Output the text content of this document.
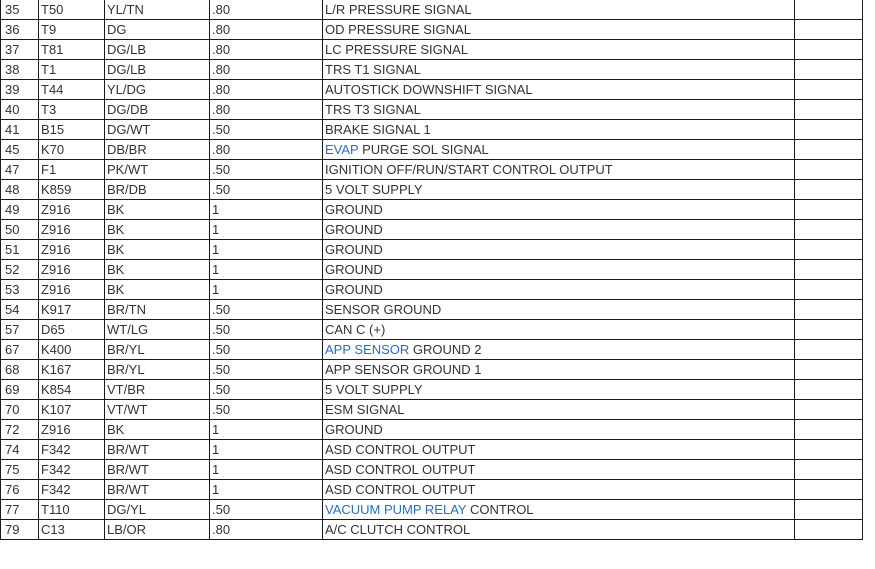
35	T50	YL/TN	.80	L/R PRESSURE SIGNAL	
36	T9	DG	.80	OD PRESSURE SIGNAL	
37	T81	DG/LB	.80	LC PRESSURE SIGNAL	
38	T1	DG/LB	.80	TRS T1 SIGNAL	
39	T44	YL/DG	.80	AUTOSTICK DOWNSHIFT SIGNAL	
40	T3	DG/DB	.80	TRS T3 SIGNAL	
41	B15	DG/WT	.50	BRAKE SIGNAL 1	
45	K70	DB/BR	.80	EVAP PURGE SOL SIGNAL	
47	F1	PK/WT	.50	IGNITION OFF/RUN/START CONTROL OUTPUT	
48	K859	BR/DB	.50	5 VOLT SUPPLY	
49	Z916	BK	1	GROUND	
50	Z916	BK	1	GROUND	
51	Z916	BK	1	GROUND	
52	Z916	BK	1	GROUND	
53	Z916	BK	1	GROUND	
54	K917	BR/TN	.50	SENSOR GROUND	
57	D65	WT/LG	.50	CAN C (+)	
67	K400	BR/YL	.50	APP SENSOR GROUND 2	
68	K167	BR/YL	.50	APP SENSOR GROUND 1	
69	K854	VT/BR	.50	5 VOLT SUPPLY	
70	K107	VT/WT	.50	ESM SIGNAL	
72	Z916	BK	1	GROUND	
74	F342	BR/WT	1	ASD CONTROL OUTPUT	
75	F342	BR/WT	1	ASD CONTROL OUTPUT	
76	F342	BR/WT	1	ASD CONTROL OUTPUT	
77	T110	DG/YL	.50	VACUUM PUMP RELAY CONTROL	
79	C13	LB/OR	.80	A/C CLUTCH CONTROL	
